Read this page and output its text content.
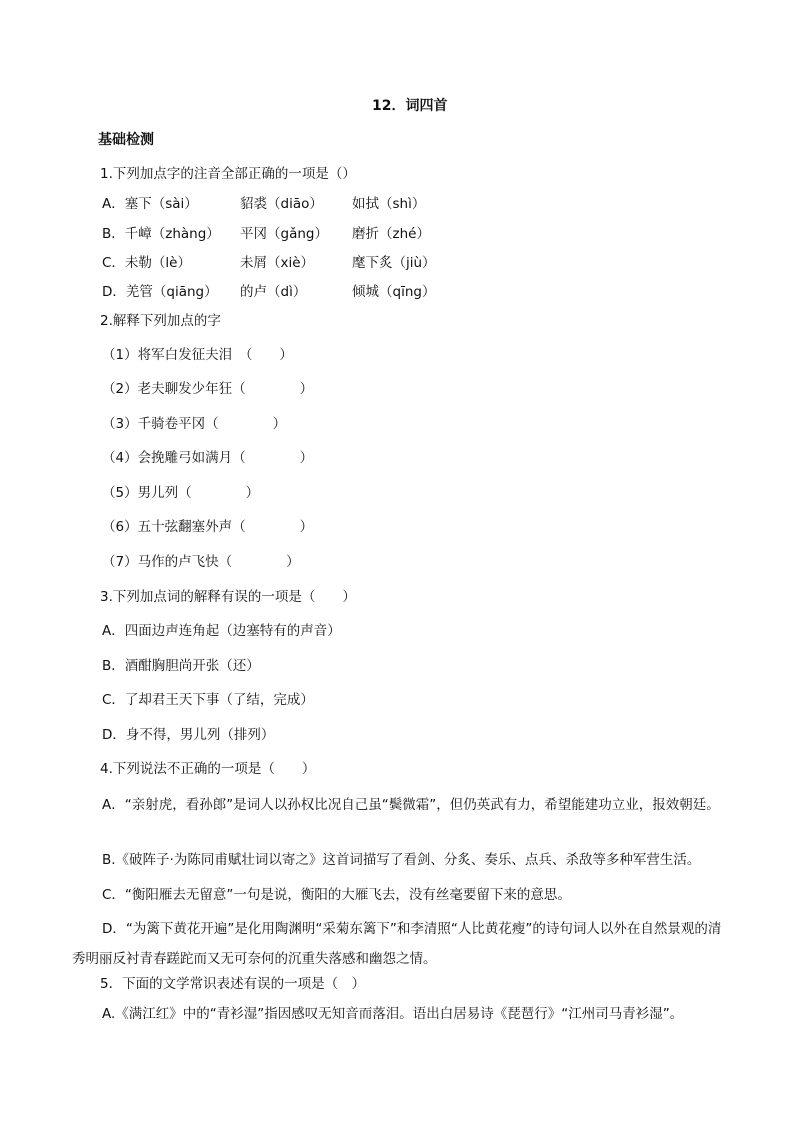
12．词四首
基础检测
1.下列加点字的注音全部正确的一项是（）
A．塞下（sài）	貂裘（diāo） 如拭（shì）
B．千嶂（zhàng） 平冈（gǎng） 磨折（zhé）
C．未勒（lè）	未屑（xiè）	麾下炙（jiù）
D．羌管（qiāng） 的卢（dì）	倾城（qīng）
2.解释下列加点的字
（1）将军白发征夫泪　（　　）
（2）老夫聊发少年狂（　　　　）
（3）千骑卷平冈（　　　　）
（4）会挽雕弓如满月（　　　　）
（5）男儿列（　　　　）
（6）五十弦翻塞外声（　　　　）
（7）马作的卢飞快（　　　　）
3.下列加点词的解释有误的一项是（　　）
A．四面边声连角起（边塞特有的声音）
B．酒酣胸胆尚开张（还）
C．了却君王天下事（了结，完成）
D．身不得，男儿列（排列）
4.下列说法不正确的一项是（　　）
A．“亲射虎，看孙郎”是词人以孙权比况自己虽“鬓微霜”，但仍英武有力，希望能建功立业，报效朝廷。
B.《破阵子·为陈同甫赋壮词以寄之》这首词描写了看剑、分炙、奏乐、点兵、杀敌等多种军营生活。
C．“衡阳雁去无留意”一句是说，衡阳的大雁飞去，没有丝毫要留下来的意思。
D．“为篱下黄花开遍”是化用陶渊明“采菊东篱下”和李清照“人比黄花瘦”的诗句词人以外在自然景观的清秀明丽反衬青春蹉跎而又无可奈何的沉重失落感和幽怨之情。
5．下面的文学常识表述有误的一项是（　）
A.《满江红》中的“青衫湿”指因感叹无知音而落泪。语出白居易诗《琵琶行》“江州司马青衫湿”。
